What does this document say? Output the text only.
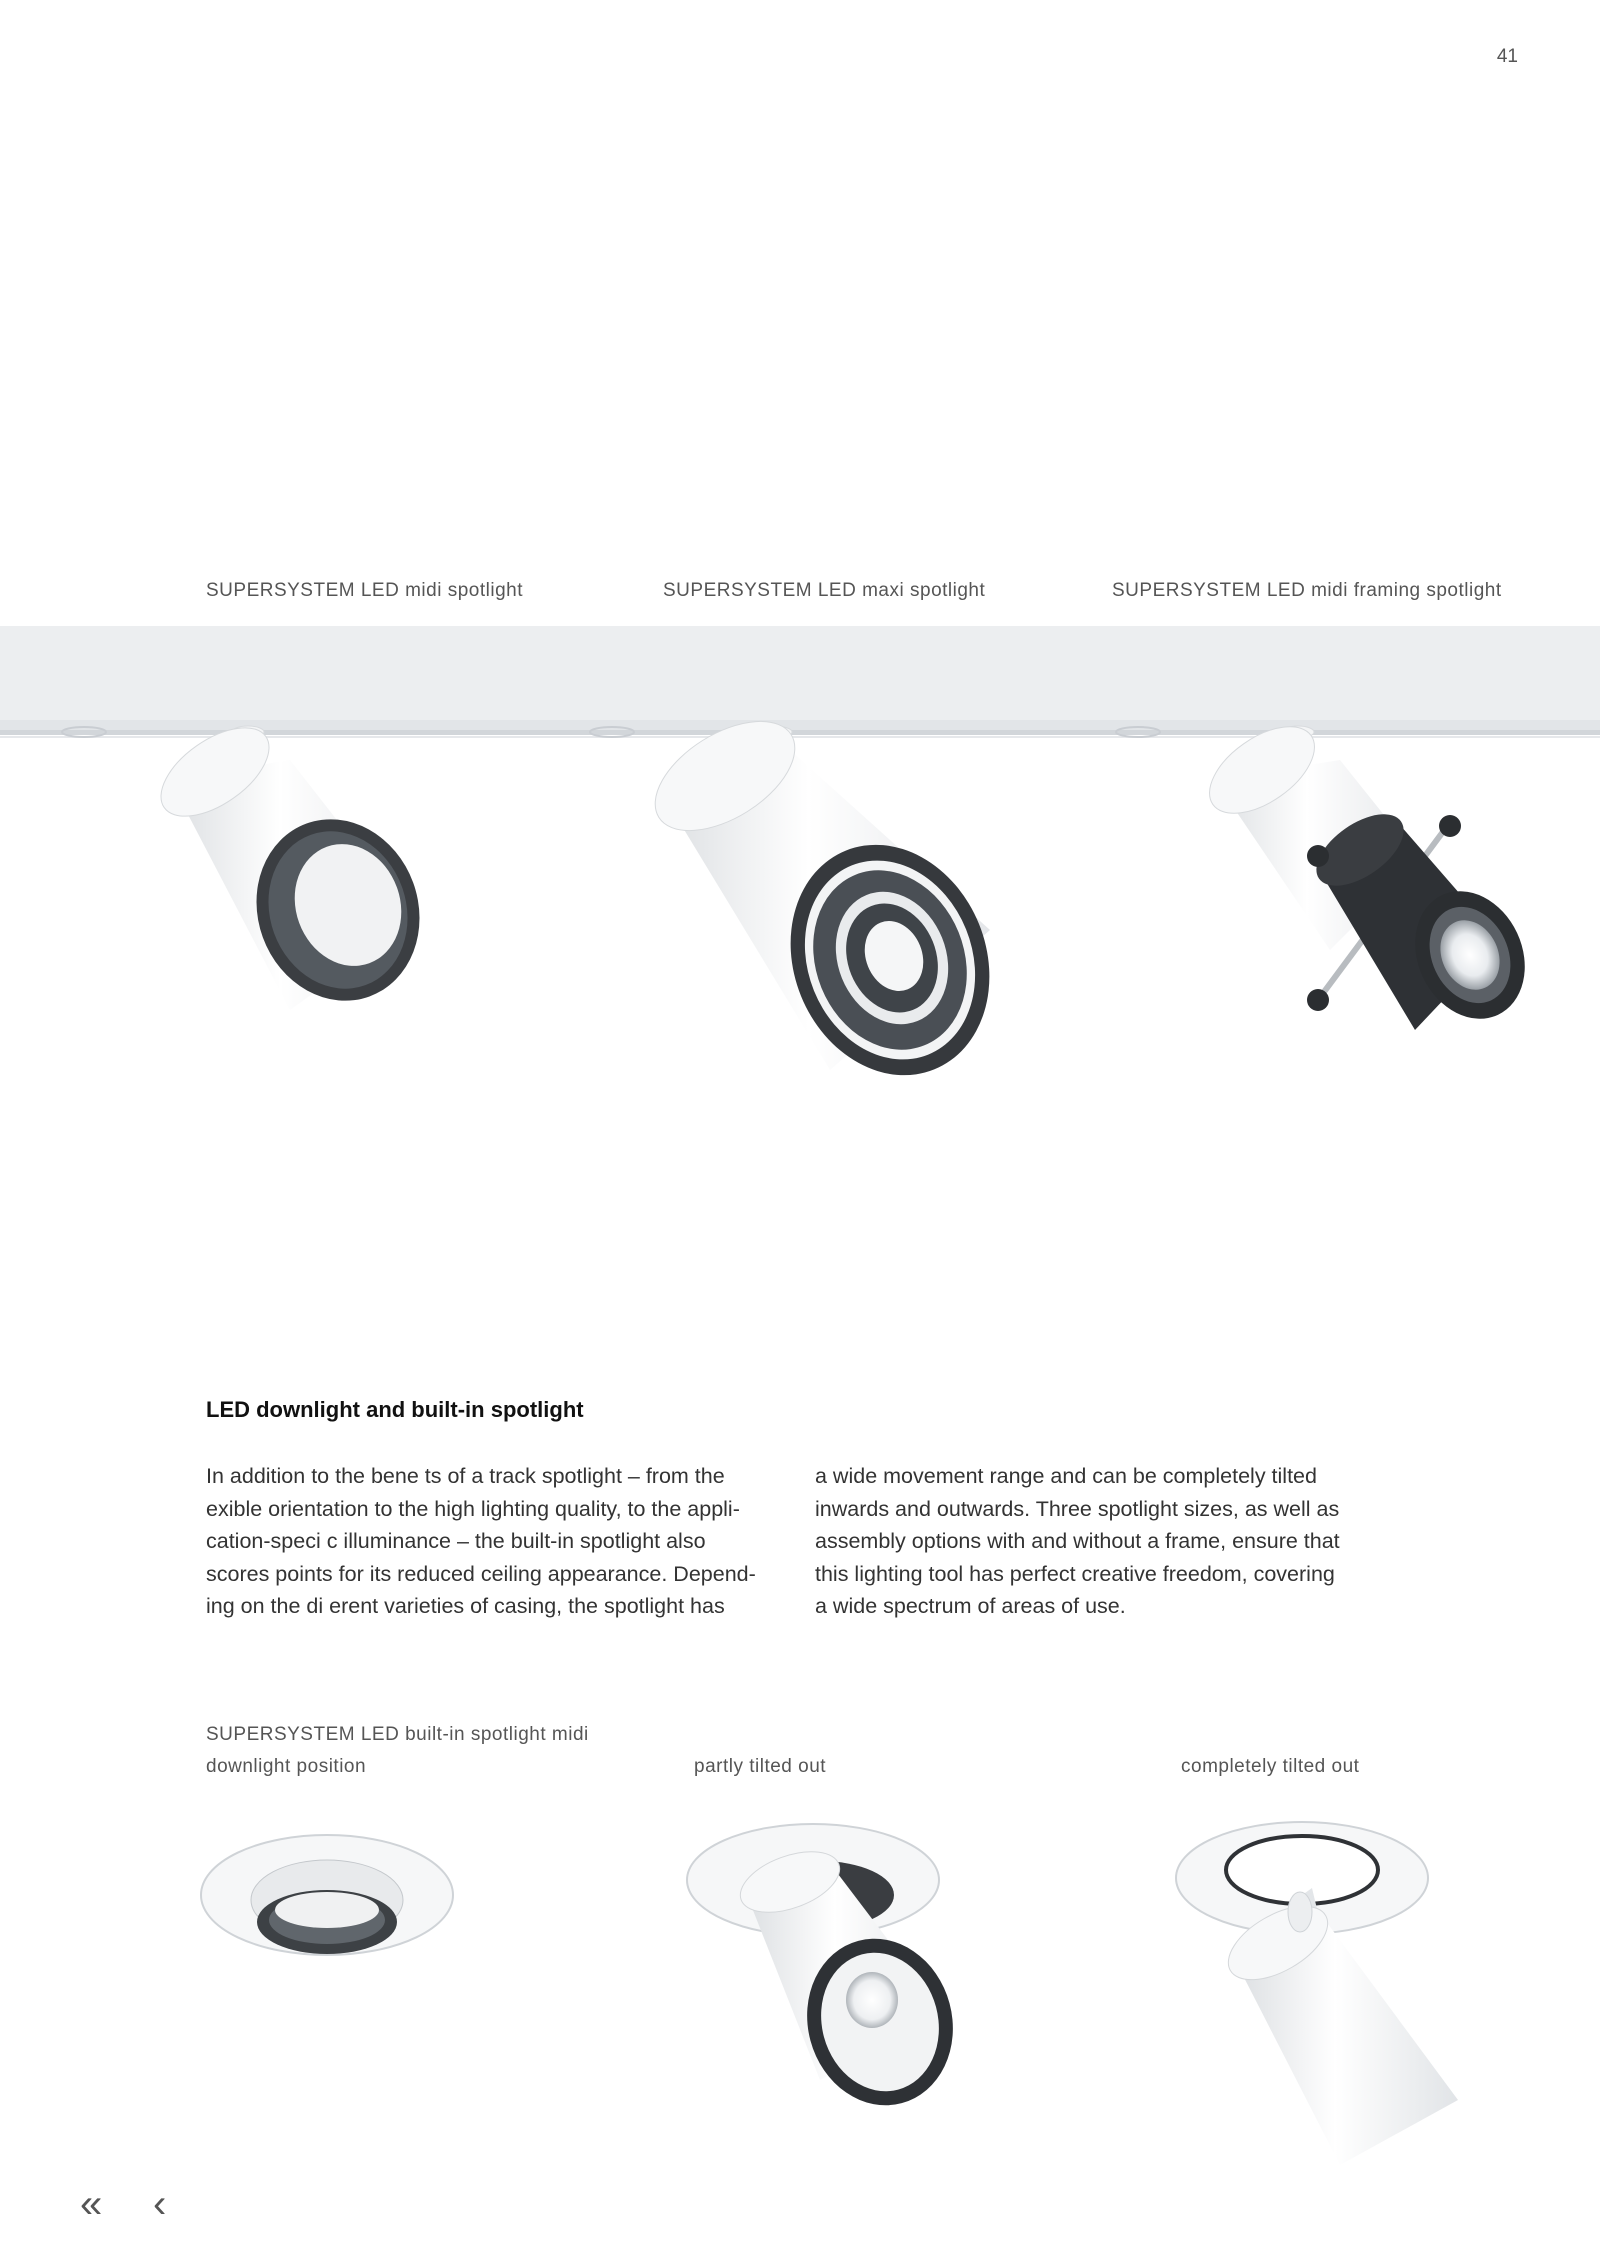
41
SUPERSYSTEM LED midi spotlight	SUPERSYSTEM LED maxi spotlight	SUPERSYSTEM LED midi framing spotlight
LED downlight and built-in spotlight
In addition to the bene ts of a track spotlight – from the
exible orientation to the high lighting quality, to the appli-
cation-speci c illuminance – the built-in spotlight also
scores points for its reduced ceiling appearance. Depend-
ing on the di erent varieties of casing, the spotlight has
a wide movement range and can be completely tilted
inwards and outwards. Three spotlight sizes, as well as
assembly options with and without a frame, ensure that
this lighting tool has perfect creative freedom, covering
a wide spectrum of areas of use.
SUPERSYSTEM LED built-in spotlight midi
downlight position	partly tilted out	completely tilted out
« ‹
